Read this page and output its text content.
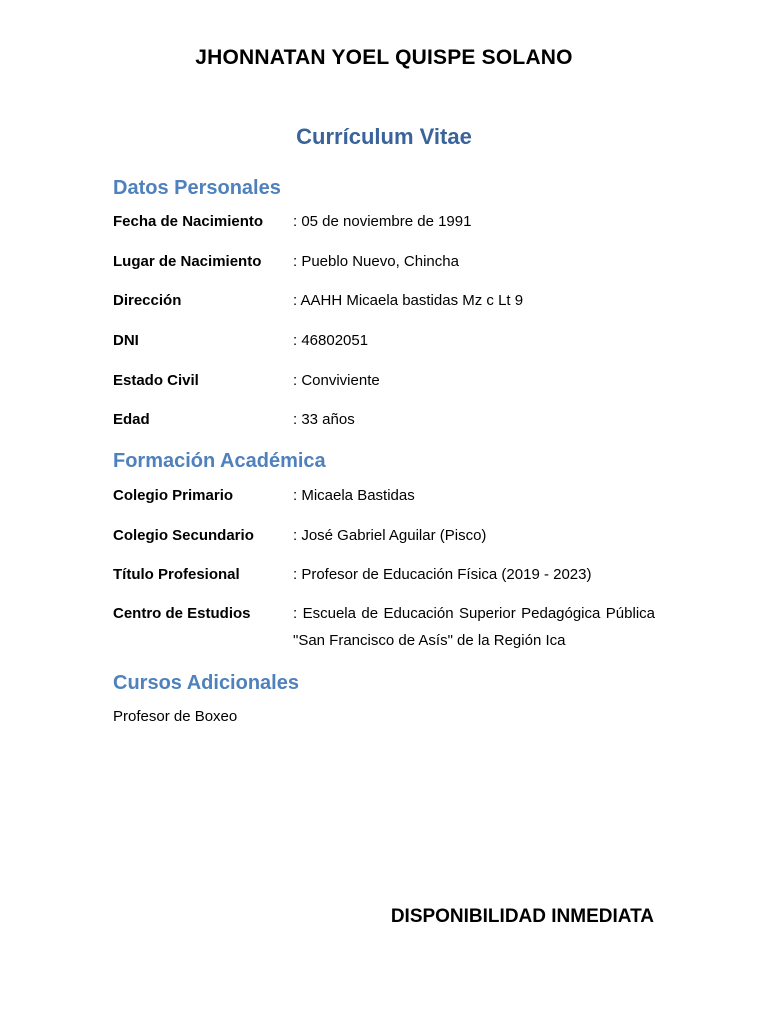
JHONNATAN YOEL QUISPE SOLANO
Currículum Vitae
Datos Personales
Fecha de Nacimiento : 05 de noviembre de 1991
Lugar de Nacimiento : Pueblo Nuevo, Chincha
Dirección	: AAHH Micaela bastidas Mz c Lt 9
DNI	: 46802051
Estado Civil	: Conviviente
Edad	: 33 años
Formación Académica
Colegio Primario	: Micaela Bastidas
Colegio Secundario	: José Gabriel Aguilar (Pisco)
Título Profesional	: Profesor de Educación Física (2019 - 2023)
Centro de Estudios	: Escuela de Educación Superior Pedagógica Pública "San Francisco de Asís" de la Región Ica
Cursos Adicionales
Profesor de Boxeo
DISPONIBILIDAD INMEDIATA
